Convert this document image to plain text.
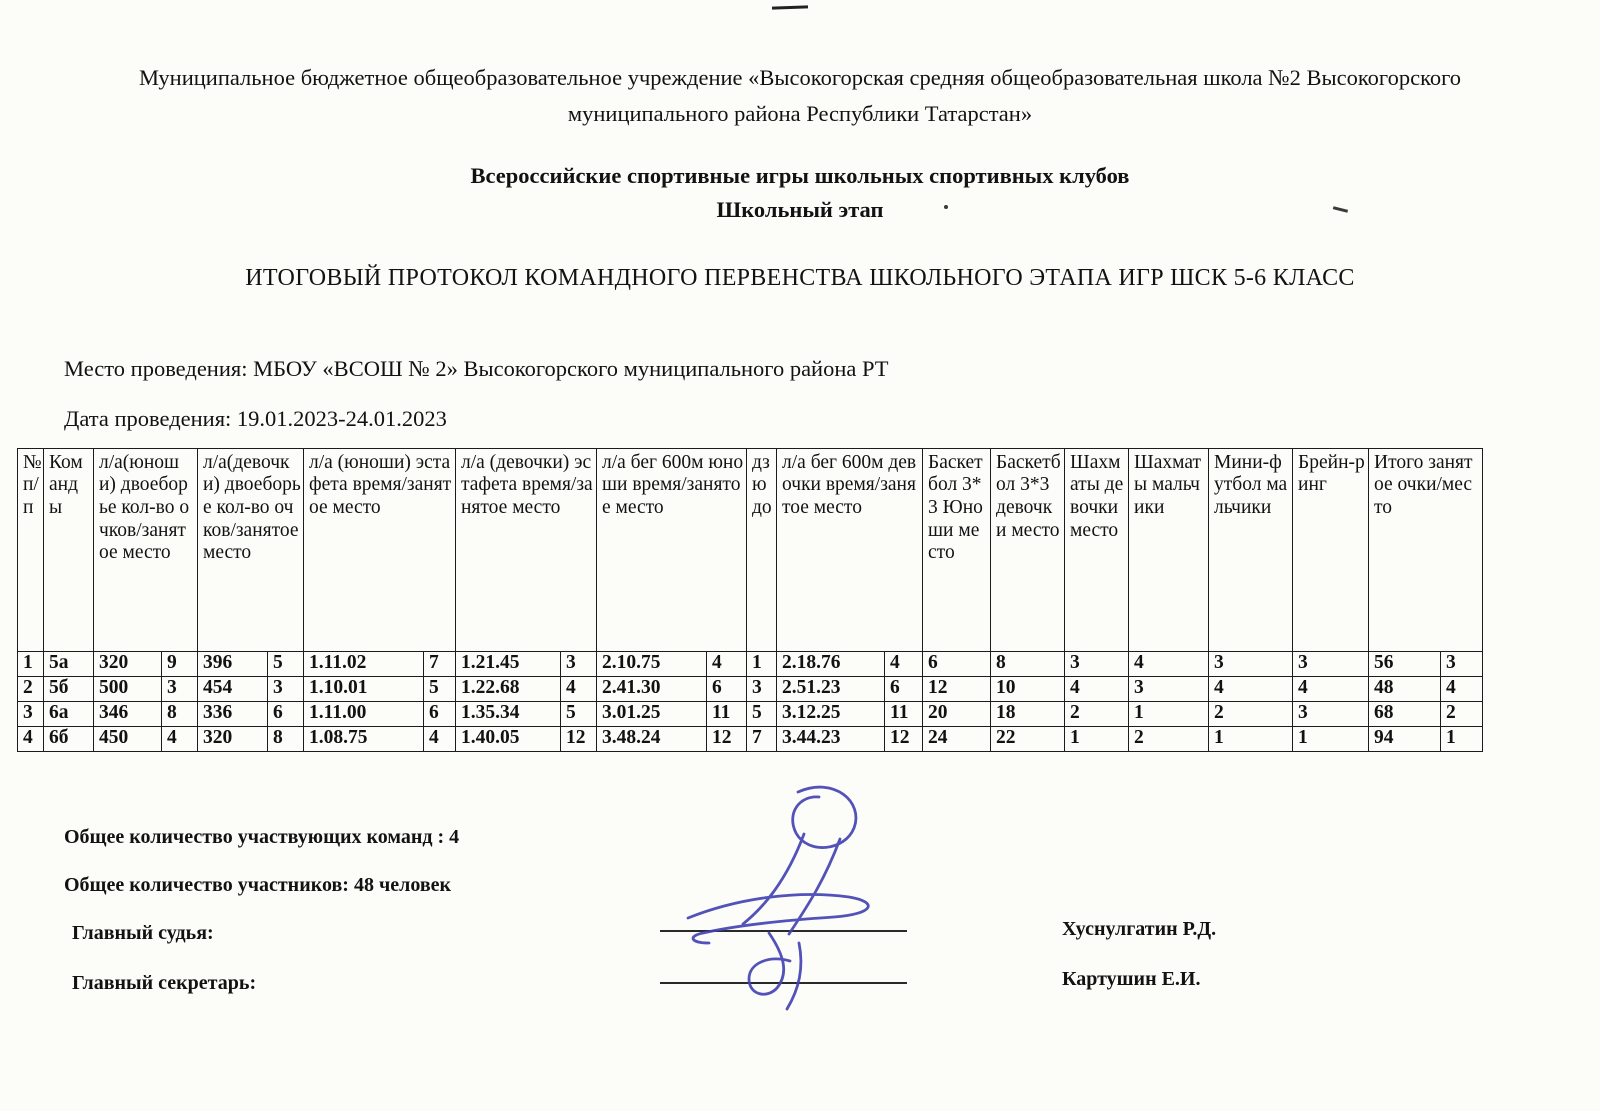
Муниципальное бюджетное общеобразовательное учреждение «Высокогорская средняя общеобразовательная школа №2 Высокогорского муниципального района Республики Татарстан»

Всероссийские спортивные игры школьных спортивных клубов

Школьный этап

ИТОГОВЫЙ ПРОТОКОЛ КОМАНДНОГО ПЕРВЕНСТВА ШКОЛЬНОГО ЭТАПА ИГР ШСК 5-6 КЛАСС

Место проведения: МБОУ «ВСОШ № 2» Высокогорского муниципального района РТ

Дата проведения: 19.01.2023-24.01.2023

№ п/п	Команды	л/а(юноши) двоеборье кол-во очков/занятое место		л/а(девочки) двоеборье кол-во очков/занятое место		л/а (юноши) эстафета время/занятое место		л/а (девочки) эстафета время/занятое место		л/а бег 600м юноши время/занятое место		дзюдо	л/а бег 600м девочки время/занятое место		Баскетбол 3*3 Юноши место	Баскетбол 3*3 девочки место	Шахматы девочки место	Шахматы мальчики	Мини-футбол мальчики	Брейн-ринг	Итого занятое очки/место	
1	5а	320	9	396	5	1.11.02	7	1.21.45	3	2.10.75	4	1	2.18.76	4	6	8	3	4	3	3	56	3
2	5б	500	3	454	3	1.10.01	5	1.22.68	4	2.41.30	6	3	2.51.23	6	12	10	4	3	4	4	48	4
3	6а	346	8	336	6	1.11.00	6	1.35.34	5	3.01.25	11	5	3.12.25	11	20	18	2	1	2	3	68	2
4	6б	450	4	320	8	1.08.75	4	1.40.05	12	3.48.24	12	7	3.44.23	12	24	22	1	2	1	1	94	1

Общее количество участвующих команд : 4

Общее количество участников: 48 человек

Главный судья:	Хуснулгатин Р.Д.

Главный секретарь:	Картушин Е.И.
